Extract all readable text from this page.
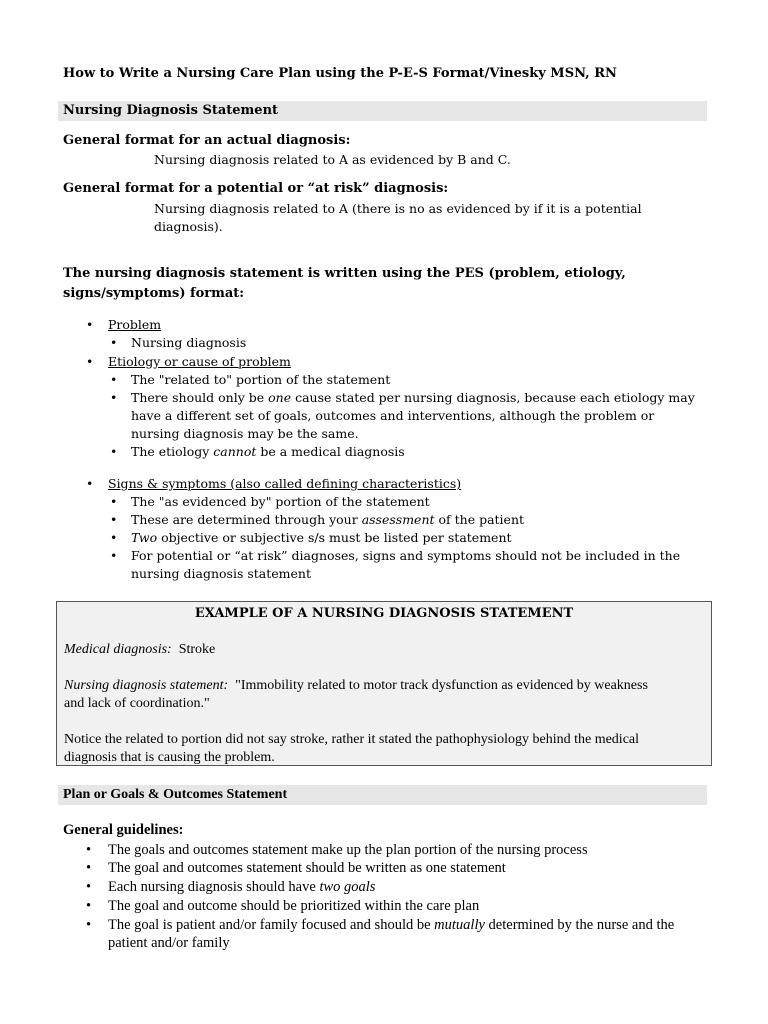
How to Write a Nursing Care Plan using the P-E-S Format/Vinesky MSN, RN
Nursing Diagnosis Statement
General format for an actual diagnosis:
Nursing diagnosis related to A as evidenced by B and C.
General format for a potential or “at risk” diagnosis:
Nursing diagnosis related to A (there is no as evidenced by if it is a potential
diagnosis).
The nursing diagnosis statement is written using the PES (problem, etiology,
signs/symptoms) format:
• Problem
• Nursing diagnosis
• Etiology or cause of problem
• The "related to" portion of the statement
• There should only be one cause stated per nursing diagnosis, because each etiology may
have a different set of goals, outcomes and interventions, although the problem or
nursing diagnosis may be the same.
• The etiology cannot be a medical diagnosis
• Signs & symptoms (also called defining characteristics)
• The "as evidenced by" portion of the statement
• These are determined through your assessment of the patient
• Two objective or subjective s/s must be listed per statement
• For potential or “at risk” diagnoses, signs and symptoms should not be included in the
nursing diagnosis statement
EXAMPLE OF A NURSING DIAGNOSIS STATEMENT
Medical diagnosis: Stroke
Nursing diagnosis statement: "Immobility related to motor track dysfunction as evidenced by weakness
and lack of coordination."
Notice the related to portion did not say stroke, rather it stated the pathophysiology behind the medical
diagnosis that is causing the problem.
Plan or Goals & Outcomes Statement
General guidelines:
• The goals and outcomes statement make up the plan portion of the nursing process
• The goal and outcomes statement should be written as one statement
• Each nursing diagnosis should have two goals
• The goal and outcome should be prioritized within the care plan
• The goal is patient and/or family focused and should be mutually determined by the nurse and the
patient and/or family
